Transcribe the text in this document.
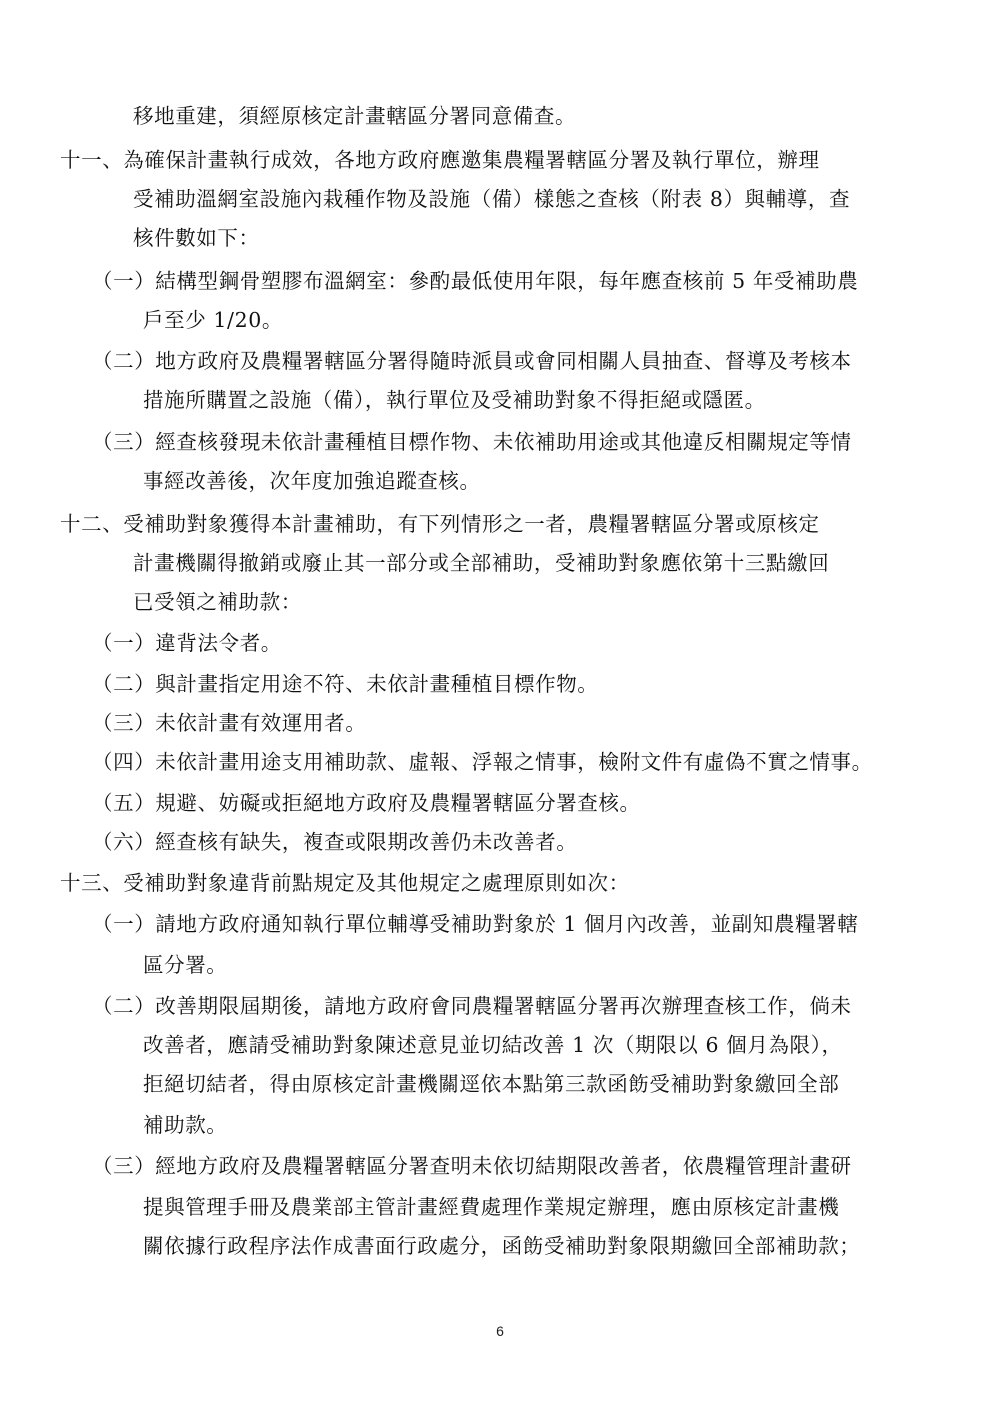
移地重建，須經原核定計畫轄區分署同意備查。
十一、為確保計畫執行成效，各地方政府應邀集農糧署轄區分署及執行單位，辦理
受補助溫網室設施內栽種作物及設施（備）樣態之查核（附表 8）與輔導，查
核件數如下：
（一）結構型鋼骨塑膠布溫網室：參酌最低使用年限，每年應查核前 5 年受補助農
戶至少 1/20。
（二）地方政府及農糧署轄區分署得隨時派員或會同相關人員抽查、督導及考核本
措施所購置之設施（備），執行單位及受補助對象不得拒絕或隱匿。
（三）經查核發現未依計畫種植目標作物、未依補助用途或其他違反相關規定等情
事經改善後，次年度加強追蹤查核。
十二、受補助對象獲得本計畫補助，有下列情形之一者，農糧署轄區分署或原核定
計畫機關得撤銷或廢止其一部分或全部補助，受補助對象應依第十三點繳回
已受領之補助款：
（一）違背法令者。
（二）與計畫指定用途不符、未依計畫種植目標作物。
（三）未依計畫有效運用者。
（四）未依計畫用途支用補助款、虛報、浮報之情事，檢附文件有虛偽不實之情事。
（五）規避、妨礙或拒絕地方政府及農糧署轄區分署查核。
（六）經查核有缺失，複查或限期改善仍未改善者。
十三、受補助對象違背前點規定及其他規定之處理原則如次：
（一）請地方政府通知執行單位輔導受補助對象於 1 個月內改善，並副知農糧署轄
區分署。
（二）改善期限屆期後，請地方政府會同農糧署轄區分署再次辦理查核工作，倘未
改善者，應請受補助對象陳述意見並切結改善 1 次（期限以 6 個月為限），
拒絕切結者，得由原核定計畫機關逕依本點第三款函飭受補助對象繳回全部
補助款。
（三）經地方政府及農糧署轄區分署查明未依切結期限改善者，依農糧管理計畫研
提與管理手冊及農業部主管計畫經費處理作業規定辦理，應由原核定計畫機
關依據行政程序法作成書面行政處分，函飭受補助對象限期繳回全部補助款；
6
